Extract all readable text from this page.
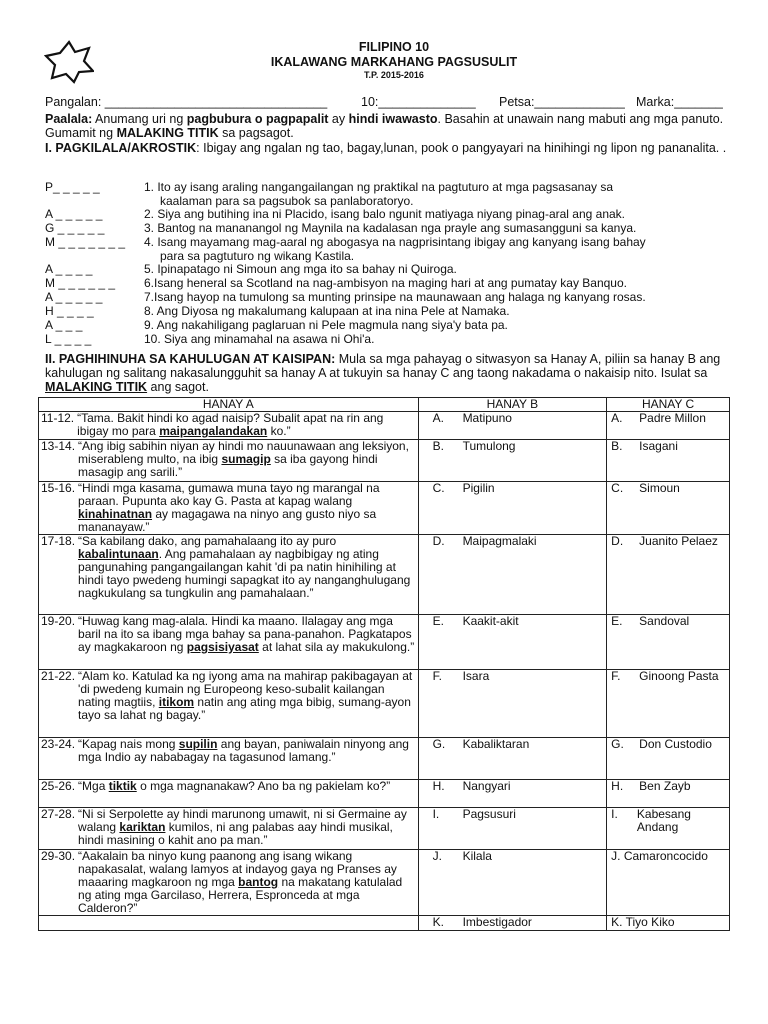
FILIPINO 10
IKALAWANG MARKAHANG PAGSUSULIT
T.P. 2015-2016
Pangalan: ________________________________	10:______________ Petsa:_____________ Marka:_______
Paalala: Anumang uri ng pagbubura o pagpapalit ay hindi iwawasto. Basahin at unawain nang mabuti ang mga panuto. Gumamit ng MALAKING TITIK sa pagsagot.
I. PAGKILALA/AKROSTIK: Ibigay ang ngalan ng tao, bagay,lunan, pook o pangyayari na hinihingi ng lipon ng pananalita. .
P_ _ _ _ _	1. Ito ay isang araling nangangailangan ng praktikal na pagtuturo at mga pagsasanay sa
kaalaman para sa pagsubok sa panlaboratoryo.
A _ _ _ _ _	2. Siya ang butihing ina ni Placido, isang balo ngunit matiyaga niyang pinag-aral ang anak.
G _ _ _ _ _	3. Bantog na mananangol ng Maynila na kadalasan nga prayle ang sumasangguni sa kanya.
M _ _ _ _ _ _ _ 4. Isang mayamang mag-aaral ng abogasya na nagprisintang ibigay ang kanyang isang bahay
para sa pagtuturo ng wikang Kastila.
A _ _ _ _	5. Ipinapatago ni Simoun ang mga ito sa bahay ni Quiroga.
M _ _ _ _ _ _ 6.Isang heneral sa Scotland na nag-ambisyon na maging hari at ang pumatay kay Banquo.
A _ _ _ _ _	7.Isang hayop na tumulong sa munting prinsipe na maunawaan ang halaga ng kanyang rosas.
H _ _ _ _	8. Ang Diyosa ng makalumang kalupaan at ina nina Pele at Namaka.
A _ _ _	9. Ang nakahiligang paglaruan ni Pele magmula nang siya'y bata pa.
L _ _ _ _	10. Siya ang minamahal na asawa ni Ohi'a.
II. PAGHIHINUHA SA KAHULUGAN AT KAISIPAN: Mula sa mga pahayag o sitwasyon sa Hanay A, piliin sa hanay B ang kahulugan ng salitang nakasalungguhit sa hanay A at tukuyin sa hanay C ang taong nakadama o nakaisip nito. Isulat sa MALAKING TITIK ang sagot.
HANAY A	HANAY B	HANAY C

11-12. “Tama. Bakit hindi ko agad naisip? Subalit apat na rin ang ibigay mo para maipangalandakan ko.”	A. Matipuno	A. Padre Millon

13-14. “Ang ibig sabihin niyan ay hindi mo nauunawaan ang leksiyon, miserableng multo, na ibig sumagip sa iba gayong hindi masagip ang sarili.”	B. Tumulong	B. Isagani

15-16. “Hindi mga kasama, gumawa muna tayo ng marangal na paraan. Pupunta ako kay G. Pasta at kapag walang kinahinatnan ay magagawa na ninyo ang gusto niyo sa mananayaw.”	C. Pigilin	C. Simoun

17-18. “Sa kabilang dako, ang pamahalaang ito ay puro kabalintunaan. Ang pamahalaan ay nagbibigay ng ating pangunahing pangangailangan kahit 'di pa natin hinihiling at hindi tayo pwedeng humingi sapagkat ito ay nanganghulugang nagkukulang sa tungkulin ang pamahalaan.”	D. Maipagmalaki	D. Juanito Pelaez

19-20. “Huwag kang mag-alala. Hindi ka maano. Ilalagay ang mga baril na ito sa ibang mga bahay sa pana-panahon. Pagkatapos ay magkakaroon ng pagsisiyasat at lahat sila ay makukulong.”	E. Kaakit-akit	E. Sandoval

21-22. “Alam ko. Katulad ka ng iyong ama na mahirap pakibagayan at 'di pwedeng kumain ng Europeong keso-subalit kailangan nating magtiis, itikom natin ang ating mga bibig, sumang-ayon tayo sa lahat ng bagay.”	F. Isara	F. Ginoong Pasta

23-24. “Kapag nais mong supilin ang bayan, paniwalain ninyong ang mga Indio ay nababagay na tagasunod lamang.”	G. Kabaliktaran	G. Don Custodio

25-26. “Mga tiktik o mga magnanakaw? Ano ba ng pakielam ko?”	H. Nangyari	H. Ben Zayb

27-28. “Ni si Serpolette ay hindi marunong umawit, ni si Germaine ay walang kariktan kumilos, ni ang palabas aay hindi musikal, hindi masining o kahit ano pa man.”	I. Pagsusuri	I. Kabesang Andang

29-30. “Aakalain ba ninyo kung paanong ang isang wikang napakasalat, walang lamyos at indayog gaya ng Pranses ay maaaring magkaroon ng mga bantog na makatang katulalad ng ating mga Garcilaso, Herrera, Espronceda at mga Calderon?”	J. Kilala	J. Camaroncocido

	K. Imbestigador	K. Tiyo Kiko
